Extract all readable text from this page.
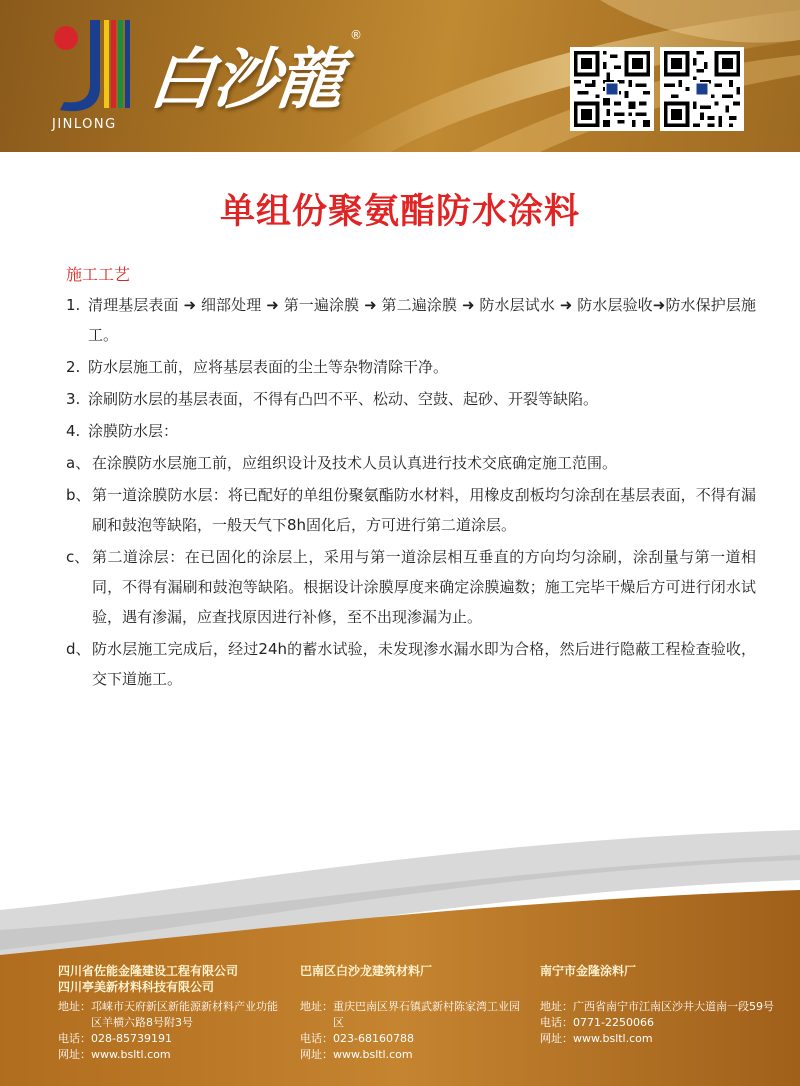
JINLONG
白沙龍
®
单组份聚氨酯防水涂料
施工工艺
1. 清理基层表面 ➜ 细部处理 ➜ 第一遍涂膜 ➜ 第二遍涂膜 ➜ 防水层试水 ➜ 防水层验收➜防水保护层施工。
2. 防水层施工前，应将基层表面的尘土等杂物清除干净。
3. 涂刷防水层的基层表面，不得有凸凹不平、松动、空鼓、起砂、开裂等缺陷。
4. 涂膜防水层：
a、 在涂膜防水层施工前，应组织设计及技术人员认真进行技术交底确定施工范围。
b、 第一道涂膜防水层：将已配好的单组份聚氨酯防水材料，用橡皮刮板均匀涂刮在基层表面，不得有漏刷和鼓泡等缺陷，一般天气下8h固化后，方可进行第二道涂层。
c、 第二道涂层：在已固化的涂层上，采用与第一道涂层相互垂直的方向均匀涂刷，涂刮量与第一道相同，不得有漏刷和鼓泡等缺陷。根据设计涂膜厚度来确定涂膜遍数；施工完毕干燥后方可进行闭水试验，遇有渗漏，应查找原因进行补修，至不出现渗漏为止。
d、 防水层施工完成后，经过24h的蓄水试验，未发现渗水漏水即为合格，然后进行隐蔽工程检查验收，交下道施工。
四川省佐能金隆建设工程有限公司
四川亭美新材料科技有限公司
地址： 邛崃市天府新区新能源新材料产业功能区羊横六路8号附3号
电话：028-85739191
网址：www.bsltl.com
巴南区白沙龙建筑材料厂
地址： 重庆巴南区界石镇武新村陈家湾工业园区
电话：023-68160788
网址：www.bsltl.com
南宁市金隆涂料厂
地址： 广西省南宁市江南区沙井大道南一段59号
电话：0771-2250066
网址：www.bsltl.com
